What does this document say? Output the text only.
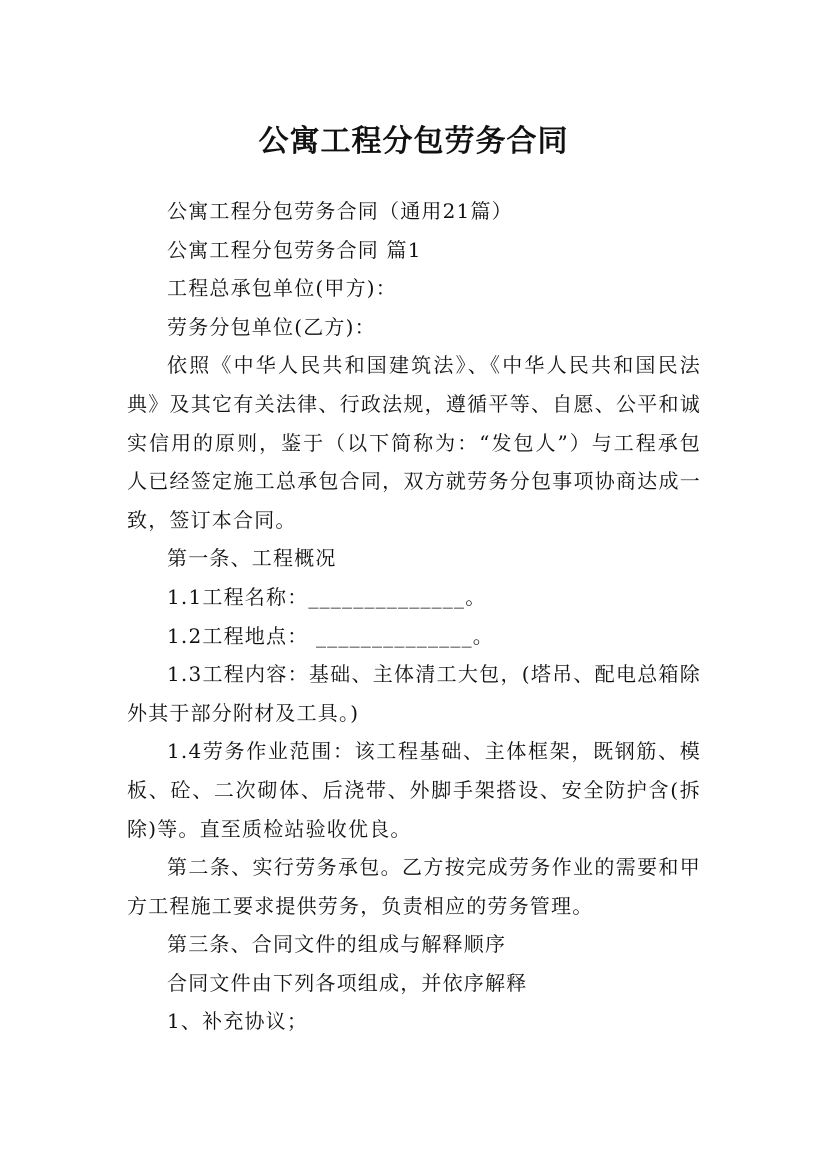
公寓工程分包劳务合同

公寓工程分包劳务合同（通用21篇）

公寓工程分包劳务合同 篇1

工程总承包单位(甲方)：

劳务分包单位(乙方)：

依照《中华人民共和国建筑法》、《中华人民共和国民法典》及其它有关法律、行政法规，遵循平等、自愿、公平和诚实信用的原则，鉴于（以下简称为：“发包人”）与工程承包人已经签定施工总承包合同，双方就劳务分包事项协商达成一致，签订本合同。

第一条、工程概况

1.1工程名称：______________。

1.2工程地点： ______________。

1.3工程内容：基础、主体清工大包，(塔吊、配电总箱除外其于部分附材及工具。)

1.4劳务作业范围：该工程基础、主体框架，既钢筋、模板、砼、二次砌体、后浇带、外脚手架搭设、安全防护含(拆除)等。直至质检站验收优良。

第二条、实行劳务承包。乙方按完成劳务作业的需要和甲方工程施工要求提供劳务，负责相应的劳务管理。

第三条、合同文件的组成与解释顺序

合同文件由下列各项组成，并依序解释

1、补充协议；
